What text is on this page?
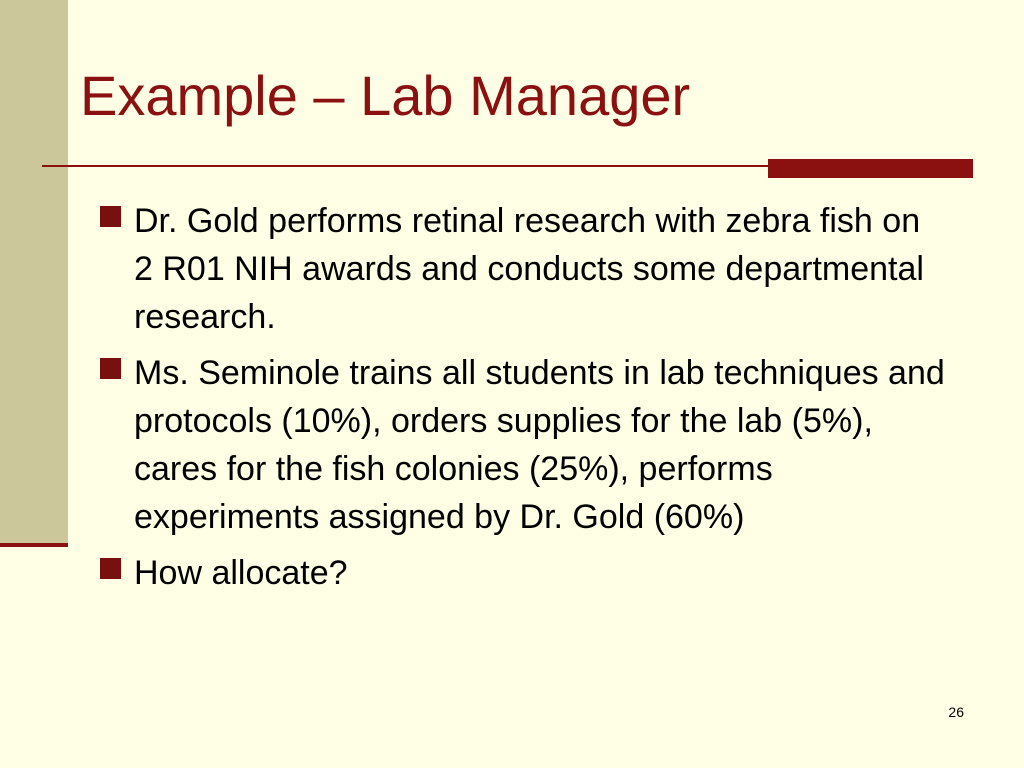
Example – Lab Manager
Dr. Gold performs retinal research with zebra fish on 2 R01 NIH awards and conducts some departmental research.
Ms. Seminole trains all students in lab techniques and protocols (10%), orders supplies for the lab (5%), cares for the fish colonies (25%), performs experiments assigned by Dr. Gold (60%)
How allocate?
26
